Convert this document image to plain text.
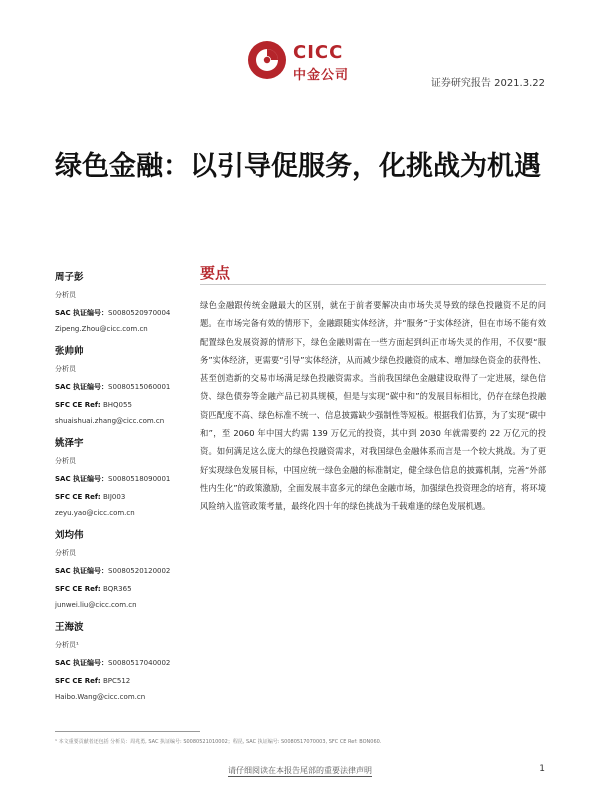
CICC
中金公司
证券研究报告 2021.3.22
绿色金融：以引导促服务，化挑战为机遇
周子彭
分析员
SAC 执证编号：S0080520970004
Zipeng.Zhou@cicc.com.cn
张帅帅
分析员
SAC 执证编号：S0080515060001
SFC CE Ref: BHQ055
shuaishuai.zhang@cicc.com.cn
姚泽宇
分析员
SAC 执证编号：S0080518090001
SFC CE Ref: BIJ003
zeyu.yao@cicc.com.cn
刘均伟
分析员
SAC 执证编号：S0080520120002
SFC CE Ref: BQR365
junwei.liu@cicc.com.cn
王海波
分析员¹
SAC 执证编号：S0080517040002
SFC CE Ref: BPC512
Haibo.Wang@cicc.com.cn
要点
绿色金融跟传统金融最大的区别，就在于前者要解决由市场失灵导致的绿色投融资不足的问题。在市场完备有效的情形下，金融跟随实体经济，并“服务”于实体经济，但在市场不能有效配置绿色发展资源的情形下，绿色金融则需在一些方面起到纠正市场失灵的作用，不仅要“服务”实体经济，更需要“引导”实体经济，从而减少绿色投融资的成本、增加绿色资金的获得性、甚至创造新的交易市场满足绿色投融资需求。当前我国绿色金融建设取得了一定进展，绿色信贷、绿色债券等金融产品已初具规模，但是与实现“碳中和”的发展目标相比，仍存在绿色投融资匹配度不高、绿色标准不统一、信息披露缺少强制性等短板。根据我们估算，为了实现“碳中和”，至 2060 年中国大约需 139 万亿元的投资，其中到 2030 年就需要约 22 万亿元的投资。如何满足这么庞大的绿色投融资需求，对我国绿色金融体系而言是一个较大挑战。为了更好实现绿色发展目标，中国应统一绿色金融的标准制定，健全绿色信息的披露机制，完善“外部性内生化”的政策激励，全面发展丰富多元的绿色金融市场，加强绿色投资理念的培育，将环境风险纳入监管政策考量，最终化四十年的绿色挑战为千载难逢的绿色发展机遇。
¹ 本文重要贡献者还包括 分析员：周兆勇, SAC 执证编号: S0080521010002；程昆, SAC 执证编号: S0080517070003, SFC CE Ref: BON060.
请仔细阅读在本报告尾部的重要法律声明	1
